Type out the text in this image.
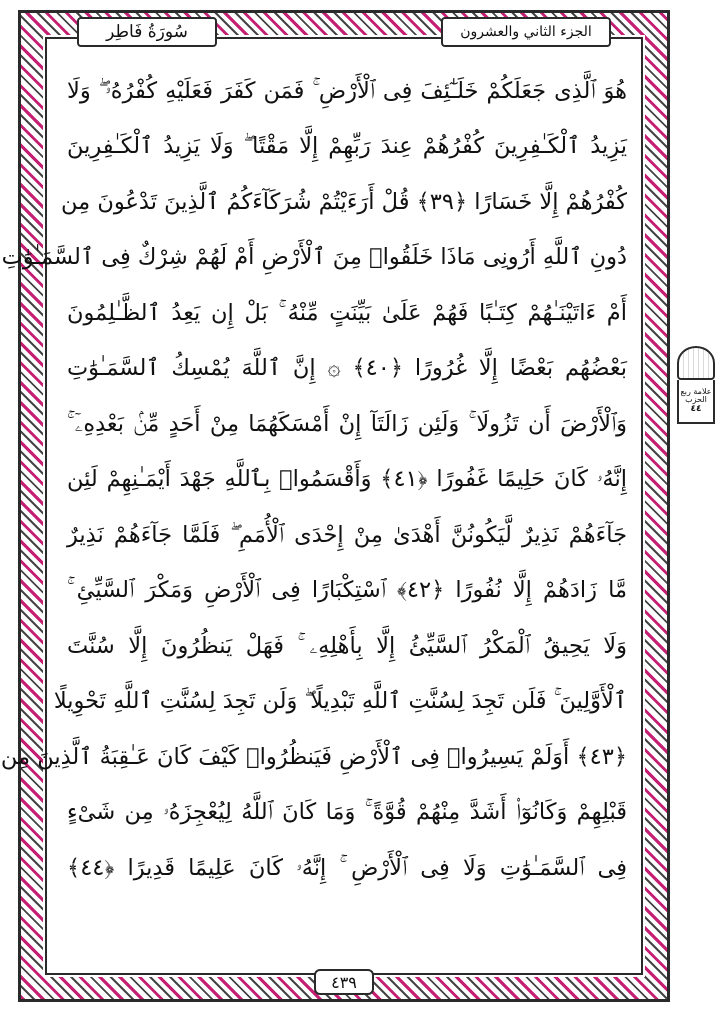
سُورَةُ فَاطِر	الجزء الثاني والعشرون
هُوَ ٱلَّذِى جَعَلَكُمْ خَلَـٰٓئِفَ فِى ٱلْأَرْضِ ۚ فَمَن كَفَرَ فَعَلَيْهِ كُفْرُهُۥ ۖ وَلَا
يَزِيدُ ٱلْكَـٰفِرِينَ كُفْرُهُمْ عِندَ رَبِّهِمْ إِلَّا مَقْتًا ۖ وَلَا يَزِيدُ ٱلْكَـٰفِرِينَ
كُفْرُهُمْ إِلَّا خَسَارًا ﴿٣٩﴾ قُلْ أَرَءَيْتُمْ شُرَكَآءَكُمُ ٱلَّذِينَ تَدْعُونَ مِن
دُونِ ٱللَّهِ أَرُونِى مَاذَا خَلَقُوا۟ مِنَ ٱلْأَرْضِ أَمْ لَهُمْ شِرْكٌ فِى ٱلسَّمَـٰوَٰتِ
أَمْ ءَاتَيْنَـٰهُمْ كِتَـٰبًا فَهُمْ عَلَىٰ بَيِّنَتٍ مِّنْهُ ۚ بَلْ إِن يَعِدُ ٱلظَّـٰلِمُونَ
بَعْضُهُم بَعْضًا إِلَّا غُرُورًا ﴿٤٠﴾ ۞ إِنَّ ٱللَّهَ يُمْسِكُ ٱلسَّمَـٰوَٰتِ
وَٱلْأَرْضَ أَن تَزُولَا ۚ وَلَئِن زَالَتَآ إِنْ أَمْسَكَهُمَا مِنْ أَحَدٍ مِّنۢ بَعْدِهِۦٓ ۚ
إِنَّهُۥ كَانَ حَلِيمًا غَفُورًا ﴿٤١﴾ وَأَقْسَمُوا۟ بِٱللَّهِ جَهْدَ أَيْمَـٰنِهِمْ لَئِن
جَآءَهُمْ نَذِيرٌ لَّيَكُونُنَّ أَهْدَىٰ مِنْ إِحْدَى ٱلْأُمَمِ ۖ فَلَمَّا جَآءَهُمْ نَذِيرٌ
مَّا زَادَهُمْ إِلَّا نُفُورًا ﴿٤٢﴾ ٱسْتِكْبَارًا فِى ٱلْأَرْضِ وَمَكْرَ ٱلسَّيِّئِ ۚ
وَلَا يَحِيقُ ٱلْمَكْرُ ٱلسَّيِّئُ إِلَّا بِأَهْلِهِۦ ۚ فَهَلْ يَنظُرُونَ إِلَّا سُنَّتَ
ٱلْأَوَّلِينَ ۚ فَلَن تَجِدَ لِسُنَّتِ ٱللَّهِ تَبْدِيلًا ۖ وَلَن تَجِدَ لِسُنَّتِ ٱللَّهِ تَحْوِيلًا
﴿٤٣﴾ أَوَلَمْ يَسِيرُوا۟ فِى ٱلْأَرْضِ فَيَنظُرُوا۟ كَيْفَ كَانَ عَـٰقِبَةُ ٱلَّذِينَ مِن
قَبْلِهِمْ وَكَانُوٓا۟ أَشَدَّ مِنْهُمْ قُوَّةً ۚ وَمَا كَانَ ٱللَّهُ لِيُعْجِزَهُۥ مِن شَىْءٍ
فِى ٱلسَّمَـٰوَٰتِ وَلَا فِى ٱلْأَرْضِ ۚ إِنَّهُۥ كَانَ عَلِيمًا قَدِيرًا ﴿٤٤﴾
٤٣٩
علامة ربع
الحزب
٤٤
